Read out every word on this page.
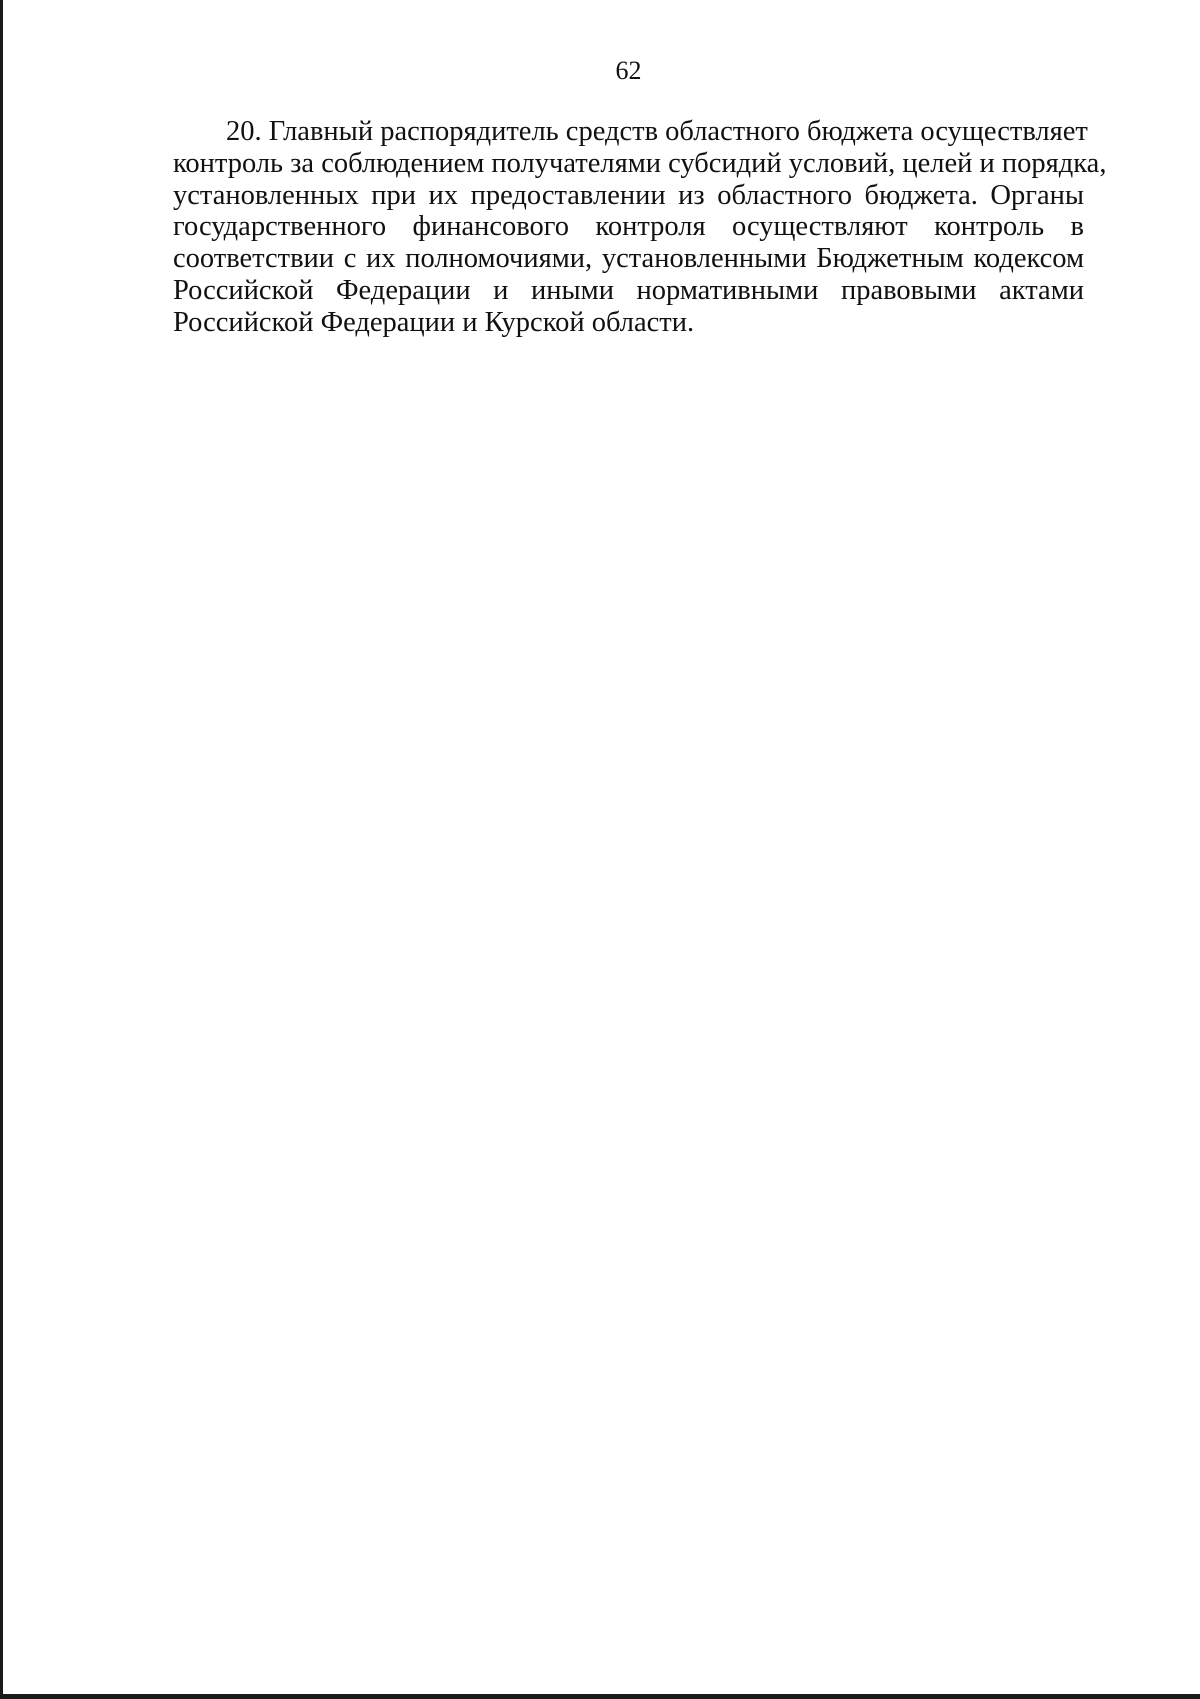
62
20. Главный распорядитель средств областного бюджета осуществляет
контроль за соблюдением получателями субсидий условий, целей и порядка,
установленных при их предоставлении из областного бюджета. Органы
государственного финансового контроля осуществляют контроль в
соответствии с их полномочиями, установленными Бюджетным кодексом
Российской Федерации и иными нормативными правовыми актами
Российской Федерации и Курской области.
